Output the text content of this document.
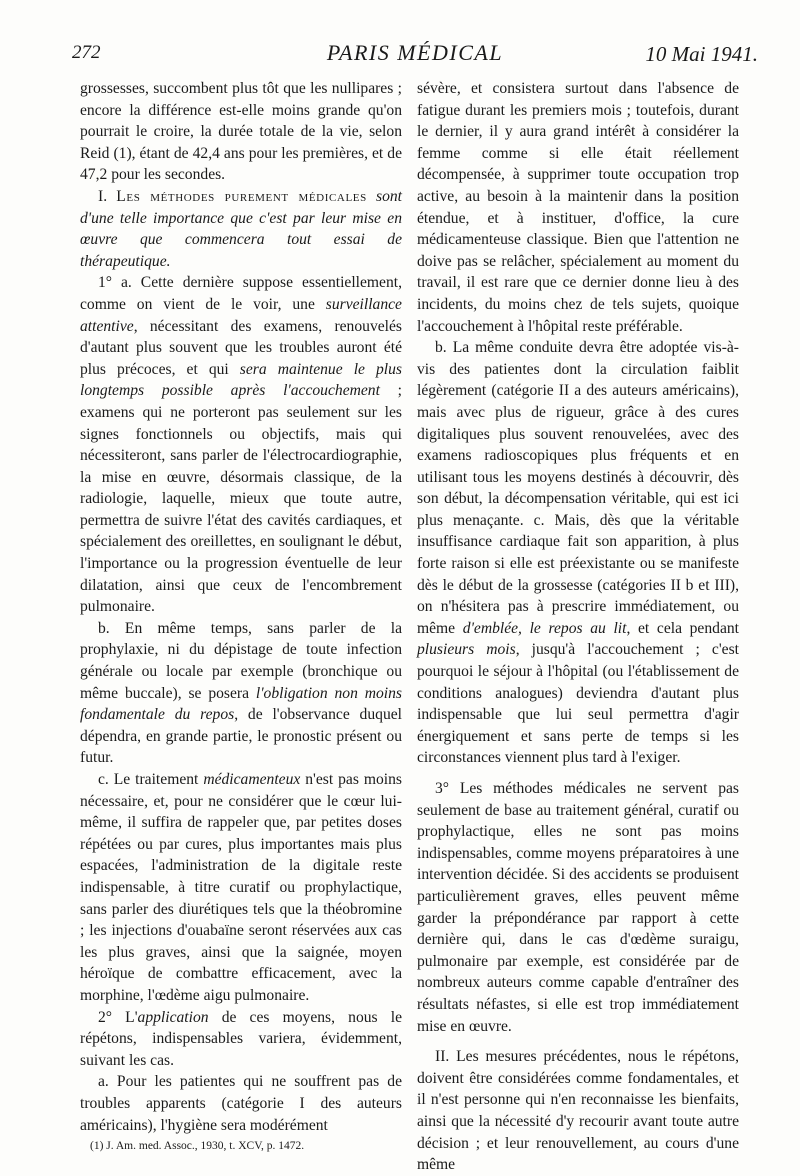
272	PARIS MÉDICAL	10 Mai 1941.

grossesses, succombent plus tôt que les nullipares ; encore la différence est-elle moins grande qu'on pourrait le croire, la durée totale de la vie, selon Reid (1), étant de 42,4 ans pour les premières, et de 47,2 pour les secondes.

I. Les méthodes purement médicales sont d'une telle importance que c'est par leur mise en œuvre que commencera tout essai de thérapeutique.

1° a. Cette dernière suppose essentiellement, comme on vient de le voir, une surveillance attentive, nécessitant des examens, renouvelés d'autant plus souvent que les troubles auront été plus précoces, et qui sera maintenue le plus longtemps possible après l'accouchement ; examens qui ne porteront pas seulement sur les signes fonctionnels ou objectifs, mais qui nécessiteront, sans parler de l'électrocardiographie, la mise en œuvre, désormais classique, de la radiologie, laquelle, mieux que toute autre, permettra de suivre l'état des cavités cardiaques, et spécialement des oreillettes, en soulignant le début, l'importance ou la progression éventuelle de leur dilatation, ainsi que ceux de l'encombrement pulmonaire.

b. En même temps, sans parler de la prophylaxie, ni du dépistage de toute infection générale ou locale par exemple (bronchique ou même buccale), se posera l'obligation non moins fondamentale du repos, de l'observance duquel dépendra, en grande partie, le pronostic présent ou futur.

c. Le traitement médicamenteux n'est pas moins nécessaire, et, pour ne considérer que le cœur lui-même, il suffira de rappeler que, par petites doses répétées ou par cures, plus importantes mais plus espacées, l'administration de la digitale reste indispensable, à titre curatif ou prophylactique, sans parler des diurétiques tels que la théobromine ; les injections d'ouabaïne seront réservées aux cas les plus graves, ainsi que la saignée, moyen héroïque de combattre efficacement, avec la morphine, l'œdème aigu pulmonaire.

2° L'application de ces moyens, nous le répétons, indispensables variera, évidemment, suivant les cas.

a. Pour les patientes qui ne souffrent pas de troubles apparents (catégorie I des auteurs américains), l'hygiène sera modérément

(1) J. Am. med. Assoc., 1930, t. XCV, p. 1472.

sévère, et consistera surtout dans l'absence de fatigue durant les premiers mois ; toutefois, durant le dernier, il y aura grand intérêt à considérer la femme comme si elle était réellement décompensée, à supprimer toute occupation trop active, au besoin à la maintenir dans la position étendue, et à instituer, d'office, la cure médicamenteuse classique. Bien que l'attention ne doive pas se relâcher, spécialement au moment du travail, il est rare que ce dernier donne lieu à des incidents, du moins chez de tels sujets, quoique l'accouchement à l'hôpital reste préférable.

b. La même conduite devra être adoptée vis-à-vis des patientes dont la circulation faiblit légèrement (catégorie II a des auteurs américains), mais avec plus de rigueur, grâce à des cures digitaliques plus souvent renouvelées, avec des examens radioscopiques plus fréquents et en utilisant tous les moyens destinés à découvrir, dès son début, la décompensation véritable, qui est ici plus menaçante. c. Mais, dès que la véritable insuffisance cardiaque fait son apparition, à plus forte raison si elle est préexistante ou se manifeste dès le début de la grossesse (catégories II b et III), on n'hésitera pas à prescrire immédiatement, ou même d'emblée, le repos au lit, et cela pendant plusieurs mois, jusqu'à l'accouchement ; c'est pourquoi le séjour à l'hôpital (ou l'établissement de conditions analogues) deviendra d'autant plus indispensable que lui seul permettra d'agir énergiquement et sans perte de temps si les circonstances viennent plus tard à l'exiger.

3° Les méthodes médicales ne servent pas seulement de base au traitement général, curatif ou prophylactique, elles ne sont pas moins indispensables, comme moyens préparatoires à une intervention décidée. Si des accidents se produisent particulièrement graves, elles peuvent même garder la prépondérance par rapport à cette dernière qui, dans le cas d'œdème suraigu, pulmonaire par exemple, est considérée par de nombreux auteurs comme capable d'entraîner des résultats néfastes, si elle est trop immédiatement mise en œuvre.

II. Les mesures précédentes, nous le répétons, doivent être considérées comme fondamentales, et il n'est personne qui n'en reconnaisse les bienfaits, ainsi que la nécessité d'y recourir avant toute autre décision ; et leur renouvellement, au cours d'une même
